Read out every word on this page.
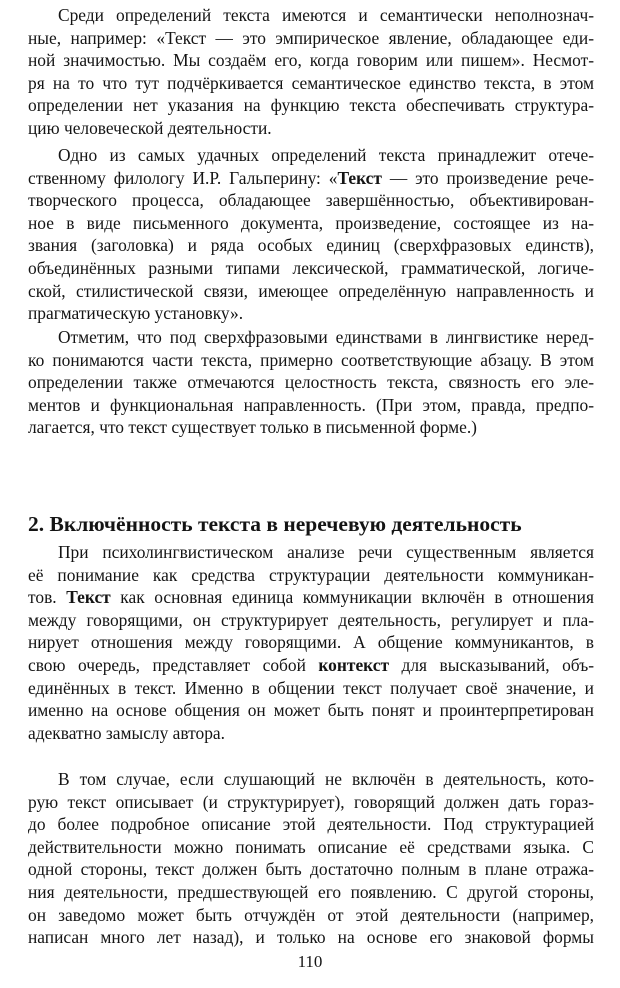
Среди определений текста имеются и семантически неполнознач-
ные, например: «Текст — это эмпирическое явление, обладающее еди-
ной значимостью. Мы создаём его, когда говорим или пишем». Несмот-
ря на то что тут подчёркивается семантическое единство текста, в этом
определении нет указания на функцию текста обеспечивать структура-
цию человеческой деятельности.
Одно из самых удачных определений текста принадлежит отече-
ственному филологу И.Р. Гальперину: «Текст — это произведение рече-
творческого процесса, обладающее завершённостью, объективирован-
ное в виде письменного документа, произведение, состоящее из на-
звания (заголовка) и ряда особых единиц (сверхфразовых единств),
объединённых разными типами лексической, грамматической, логиче-
ской, стилистической связи, имеющее определённую направленность и
прагматическую установку».
Отметим, что под сверхфразовыми единствами в лингвистике неред-
ко понимаются части текста, примерно соответствующие абзацу. В этом
определении также отмечаются целостность текста, связность его эле-
ментов и функциональная направленность. (При этом, правда, предпо-
лагается, что текст существует только в письменной форме.)
2. Включённость текста в неречевую деятельность
При психолингвистическом анализе речи существенным является
её понимание как средства структурации деятельности коммуникан-
тов. Текст как основная единица коммуникации включён в отношения
между говорящими, он структурирует деятельность, регулирует и пла-
нирует отношения между говорящими. А общение коммуникантов, в
свою очередь, представляет собой контекст для высказываний, объ-
единённых в текст. Именно в общении текст получает своё значение, и
именно на основе общения он может быть понят и проинтерпретирован
адекватно замыслу автора.
В том случае, если слушающий не включён в деятельность, кото-
рую текст описывает (и структурирует), говорящий должен дать гораз-
до более подробное описание этой деятельности. Под структурацией
действительности можно понимать описание её средствами языка. С
одной стороны, текст должен быть достаточно полным в плане отража-
ния деятельности, предшествующей его появлению. С другой стороны,
он заведомо может быть отчуждён от этой деятельности (например,
написан много лет назад), и только на основе его знаковой формы
110
